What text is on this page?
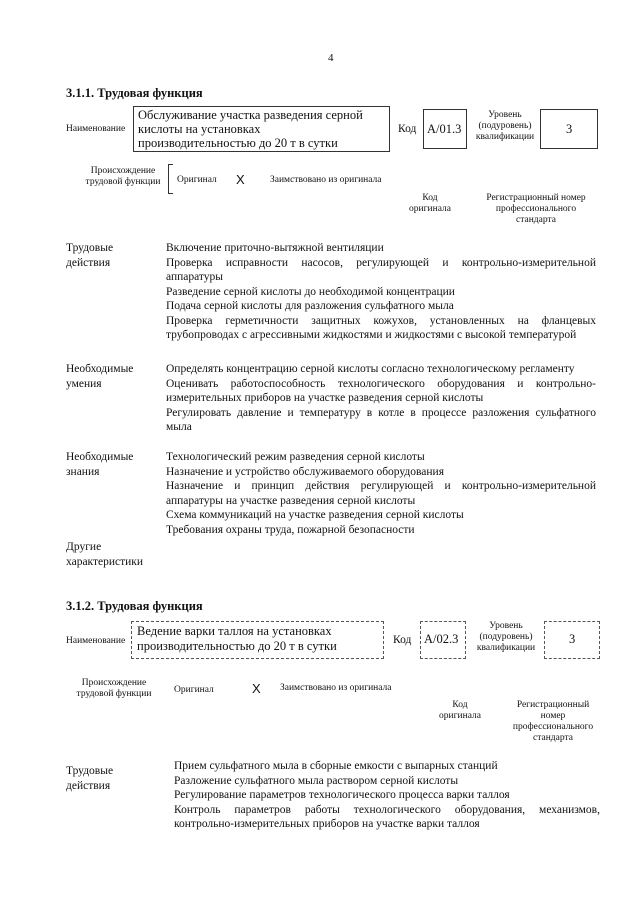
4
3.1.1. Трудовая функция
Наименование
Обслуживание участка разведения серной
кислоты на установках
производительностью до 20 т в сутки
Код A/01.3
Уровень
(подуровень)
квалификации
3
Происхождение
трудовой функции	Оригинал X	Заимствовано из оригинала
Код
оригинала
Регистрационный номер
профессионального
стандарта
Трудовые
действия
Включение приточно-вытяжной вентиляции
Проверка исправности насосов, регулирующей и контрольно-измерительной аппаратуры
Разведение серной кислоты до необходимой концентрации
Подача серной кислоты для разложения сульфатного мыла
Проверка герметичности защитных кожухов, установленных на фланцевых трубопроводах с агрессивными жидкостями и жидкостями с высокой температурой
Необходимые
умения
Определять концентрацию серной кислоты согласно технологическому регламенту
Оценивать работоспособность технологического оборудования и контрольно-измерительных приборов на участке разведения серной кислоты
Регулировать давление и температуру в котле в процессе разложения сульфатного мыла
Необходимые
знания
Технологический режим разведения серной кислоты
Назначение и устройство обслуживаемого оборудования
Назначение и принцип действия регулирующей и контрольно-измерительной аппаратуры на участке разведения серной кислоты
Схема коммуникаций на участке разведения серной кислоты
Требования охраны труда, пожарной безопасности
Другие
характеристики
3.1.2. Трудовая функция
Наименование
Ведение варки таллоя на установках
производительностью до 20 т в сутки	Код A/02.3
Уровень
(подуровень)
квалификации
3
Происхождение
трудовой функции	Оригинал	X Заимствовано из оригинала
Код
оригинала
Регистрационный
номер
профессионального
стандарта
Трудовые
действия
Прием сульфатного мыла в сборные емкости с выпарных станций
Разложение сульфатного мыла раствором серной кислоты
Регулирование параметров технологического процесса варки таллоя
Контроль параметров работы технологического оборудования, механизмов, контрольно-измерительных приборов на участке варки таллоя
